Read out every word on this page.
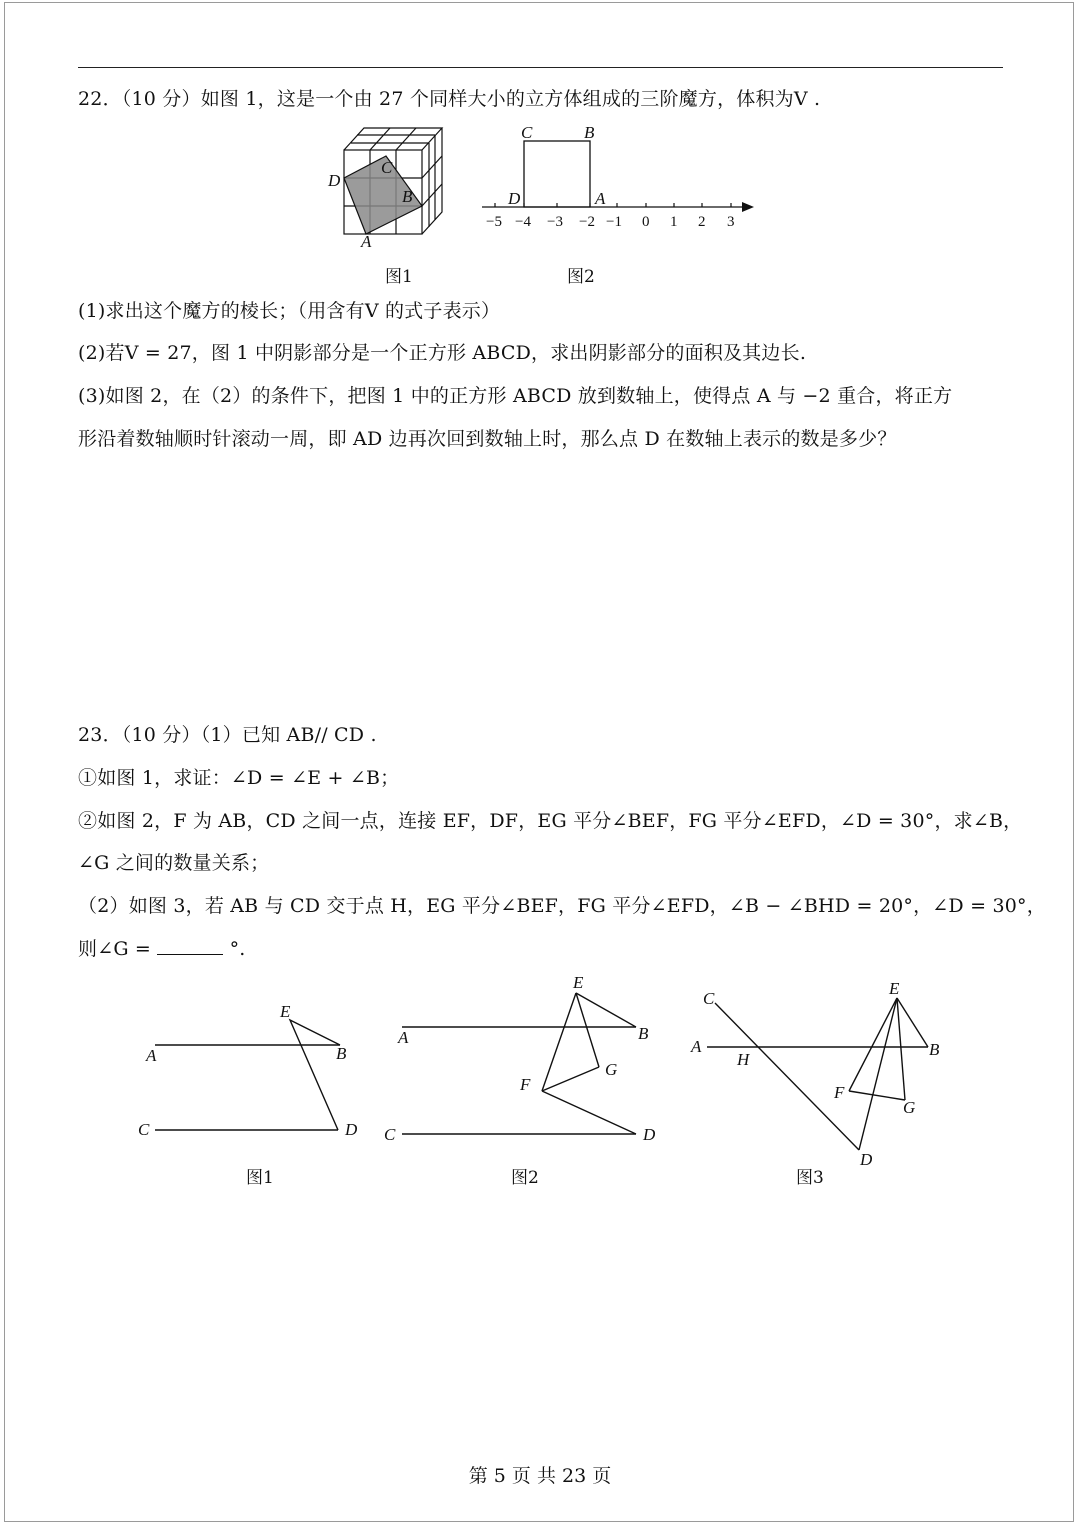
22．（10 分）如图 1，这是一个由 27 个同样大小的立方体组成的三阶魔方，体积为V .
D
C
B
A
图1
C	B
D	A
−5 −4 −3 −2 −1 0 1 2 3
图2
(1)求出这个魔方的棱长；（用含有V 的式子表示）
(2)若V = 27，图 1 中阴影部分是一个正方形 ABCD，求出阴影部分的面积及其边长.
(3)如图 2，在（2）的条件下，把图 1 中的正方形 ABCD 放到数轴上，使得点 A 与 −2 重合，将正方
形沿着数轴顺时针滚动一周，即 AD 边再次回到数轴上时，那么点 D 在数轴上表示的数是多少？
23．（10 分）（1）已知 AB// CD .
①如图 1，求证：∠D = ∠E + ∠B；
②如图 2，F 为 AB，CD 之间一点，连接 EF，DF，EG 平分∠BEF，FG 平分∠EFD，∠D = 30°，求∠B，
∠G 之间的数量关系；
（2）如图 3，若 AB 与 CD 交于点 H，EG 平分∠BEF，FG 平分∠EFD，∠B − ∠BHD = 20°，∠D = 30°，
则∠G =	°.
E
A	B
C	D
图1
E
A	B
G
F
C	D
图2
C
E
A
H
B
F
G
D
图3
第 5 页 共 23 页
